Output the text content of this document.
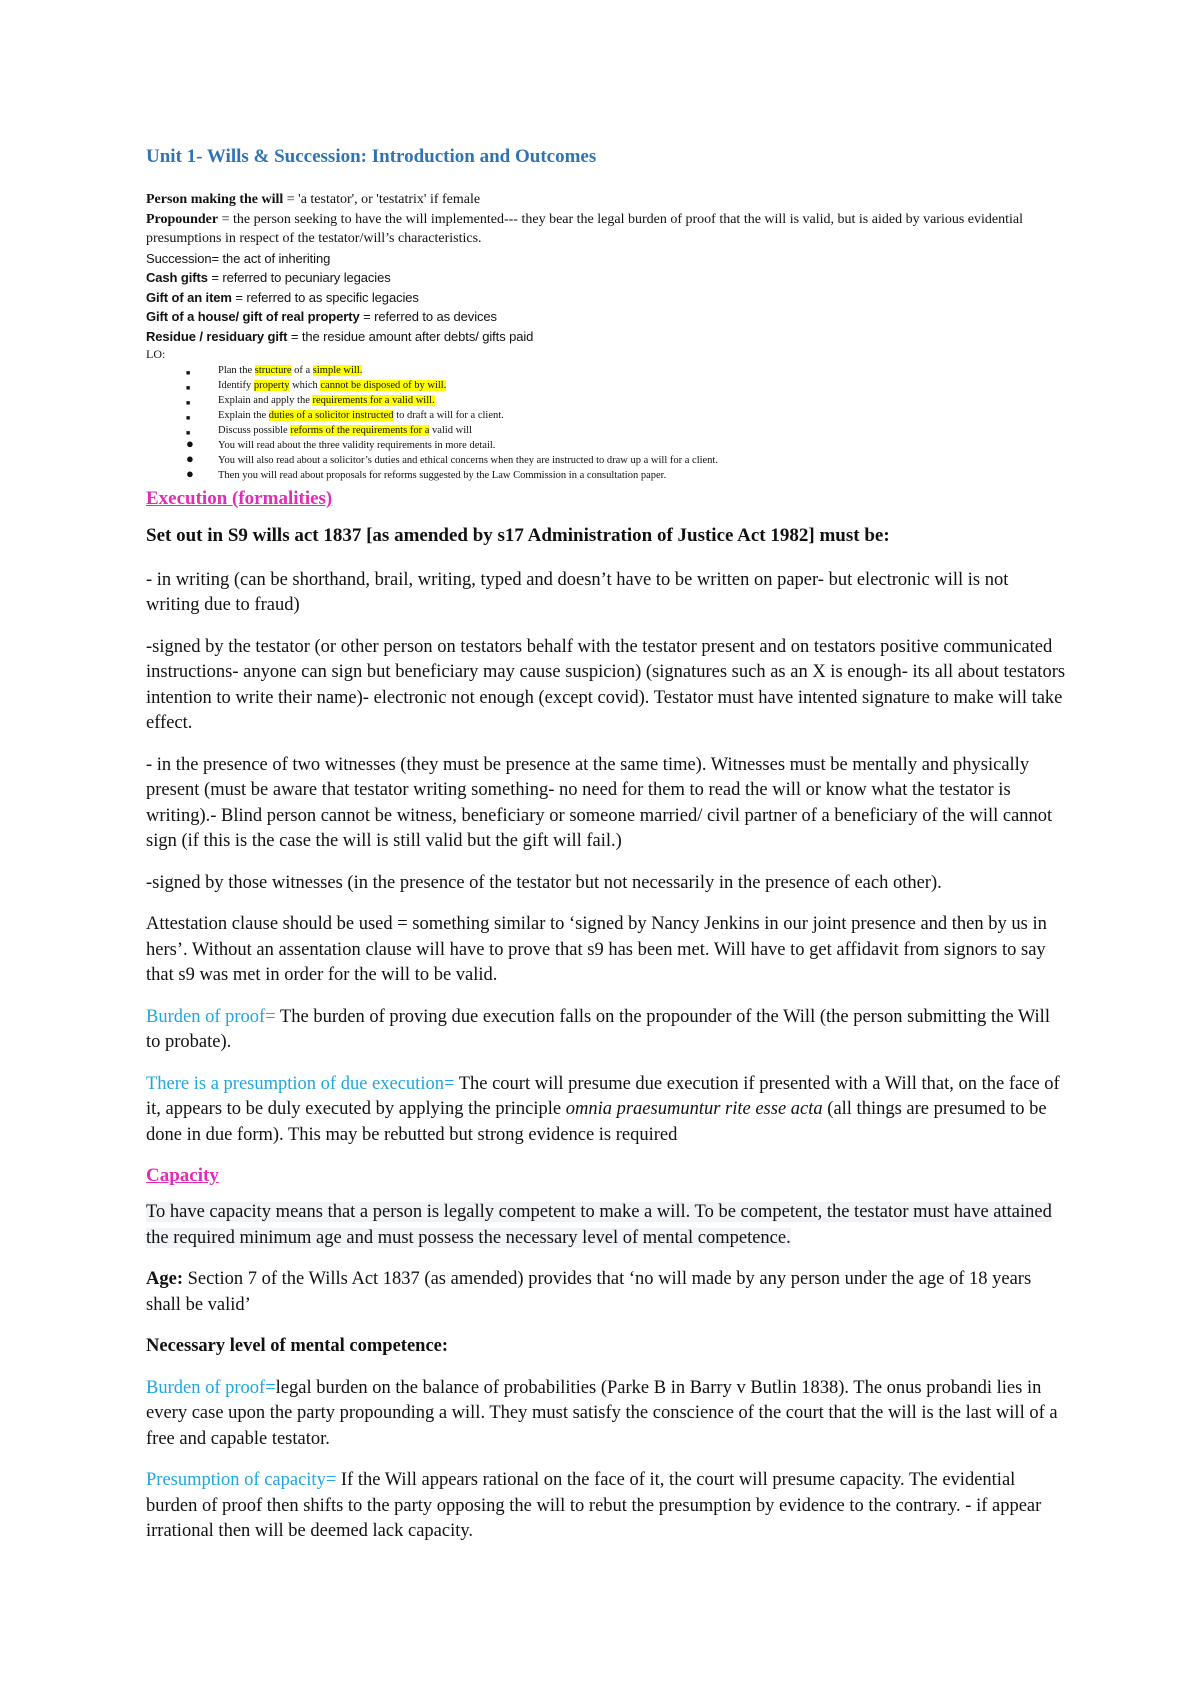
Unit 1- Wills & Succession: Introduction and Outcomes
Person making the will = 'a testator', or 'testatrix' if female
Propounder = the person seeking to have the will implemented--- they bear the legal burden of proof that the will is valid, but is aided by various evidential presumptions in respect of the testator/will’s characteristics.
Succession= the act of inheriting
Cash gifts = referred to pecuniary legacies
Gift of an item = referred to as specific legacies
Gift of a house/ gift of real property = referred to as devices
Residue / residuary gift = the residue amount after debts/ gifts paid
LO:
■	Plan the structure of a simple will.
■	Identify property which cannot be disposed of by will.
■	Explain and apply the requirements for a valid will.
■	Explain the duties of a solicitor instructed to draft a will for a client.
■	Discuss possible reforms of the requirements for a valid will
● You will read about the three validity requirements in more detail.
● You will also read about a solicitor’s duties and ethical concerns when they are instructed to draw up a will for a client.
● Then you will read about proposals for reforms suggested by the Law Commission in a consultation paper.
Execution (formalities)

Set out in S9 wills act 1837 [as amended by s17 Administration of Justice Act 1982] must be:

- in writing (can be shorthand, brail, writing, typed and doesn’t have to be written on paper- but electronic will is not writing due to fraud)

-signed by the testator (or other person on testators behalf with the testator present and on testators positive communicated instructions- anyone can sign but beneficiary may cause suspicion) (signatures such as an X is enough- its all about testators intention to write their name)- electronic not enough (except covid). Testator must have intented signature to make will take effect.

- in the presence of two witnesses (they must be presence at the same time). Witnesses must be mentally and physically present (must be aware that testator writing something- no need for them to read the will or know what the testator is writing).- Blind person cannot be witness, beneficiary or someone married/ civil partner of a beneficiary of the will cannot sign (if this is the case the will is still valid but the gift will fail.)

-signed by those witnesses (in the presence of the testator but not necessarily in the presence of each other).

Attestation clause should be used = something similar to ‘signed by Nancy Jenkins in our joint presence and then by us in hers’. Without an assentation clause will have to prove that s9 has been met. Will have to get affidavit from signors to say that s9 was met in order for the will to be valid.

Burden of proof= The burden of proving due execution falls on the propounder of the Will (the person submitting the Will to probate).

There is a presumption of due execution= The court will presume due execution if presented with a Will that, on the face of it, appears to be duly executed by applying the principle omnia praesumuntur rite esse acta (all things are presumed to be done in due form). This may be rebutted but strong evidence is required

Capacity

To have capacity means that a person is legally competent to make a will. To be competent, the testator must have attained the required minimum age and must possess the necessary level of mental competence.

Age: Section 7 of the Wills Act 1837 (as amended) provides that ‘no will made by any person under the age of 18 years shall be valid’

Necessary level of mental competence:

Burden of proof=legal burden on the balance of probabilities (Parke B in Barry v Butlin 1838). The onus probandi lies in every case upon the party propounding a will. They must satisfy the conscience of the court that the will is the last will of a free and capable testator.

Presumption of capacity= If the Will appears rational on the face of it, the court will presume capacity. The evidential burden of proof then shifts to the party opposing the will to rebut the presumption by evidence to the contrary. - if appear irrational then will be deemed lack capacity.
